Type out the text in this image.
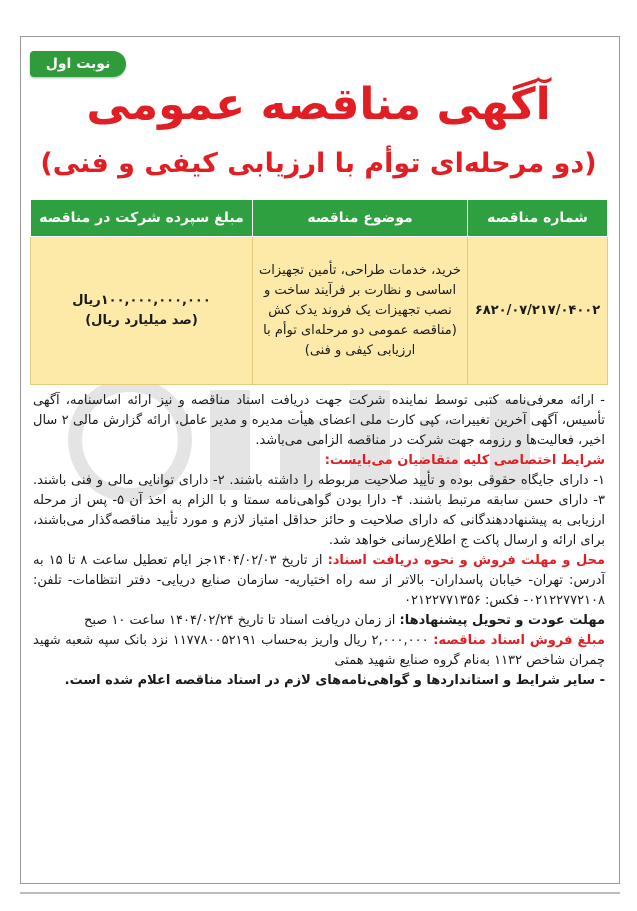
نوبت اول
آگهی مناقصه عمومی
(دو مرحله‌ای توأم با ارزیابی کیفی و فنی)
شماره مناقصه	موضوع مناقصه	مبلغ سپرده شرکت در مناقصه
۶۸۲۰/۰۷/۲۱۷/۰۴۰۰۲	خرید، خدمات طراحی، تأمین تجهیزات اساسی و نظارت بر فرآیند ساخت و نصب تجهیزات یک فروند یدک کش (مناقصه عمومی دو مرحله‌ای توأم با ارزیابی کیفی و فنی)	۱۰۰,۰۰۰,۰۰۰,۰۰۰ریال
(صد میلیارد ریال)

- ارائه معرفی‌نامه کتبی توسط نماینده شرکت جهت دریافت اسناد مناقصه و نیز ارائه اساسنامه، آگهی تأسیس، آگهی آخرین تغییرات، کپی کارت ملی اعضای هیأت مدیره و مدیر عامل، ارائه گزارش مالی ۲ سال اخیر، فعالیت‌ها و رزومه جهت شرکت در مناقصه الزامی می‌باشد.

شرایط اختصاصی کلیه متقاضیان می‌بایست:

۱- دارای جایگاه حقوقی بوده و تأیید صلاحیت مربوطه را داشته باشند. ۲- دارای توانایی مالی و فنی باشند. ۳- دارای حسن سابقه مرتبط باشند. ۴- دارا بودن گواهی‌نامه سمتا و با الزام به اخذ آن ۵- پس از مرحله ارزیابی به پیشنهاددهندگانی که دارای صلاحیت و حائز حداقل امتیاز لازم و مورد تأیید مناقصه‌گذار می‌باشند، برای ارائه و ارسال پاکت ج اطلاع‌رسانی خواهد شد.

محل و مهلت فروش و نحوه دریافت اسناد: از تاریخ ۱۴۰۴/۰۲/۰۳جز ایام تعطیل ساعت ۸ تا ۱۵ به آدرس: تهران- خیابان پاسداران- بالاتر از سه راه اختیاریه- سازمان صنایع دریایی- دفتر انتظامات- تلفن: ۰۲۱۲۲۷۷۲۱۰۸- فکس: ۰۲۱۲۲۷۷۱۳۵۶

مهلت عودت و تحویل پیشنهادها: از زمان دریافت اسناد تا تاریخ ۱۴۰۴/۰۲/۲۴ ساعت ۱۰ صبح

مبلغ فروش اسناد مناقصه: ۲,۰۰۰,۰۰۰ ریال واریز به‌حساب ۱۱۷۷۸۰۰۵۲۱۹۱ نزد بانک سپه شعبه شهید چمران شاخص ۱۱۳۲ به‌نام گروه صنایع شهید همتی

- سایر شرایط و استانداردها و گواهی‌نامه‌های لازم در اسناد مناقصه اعلام شده است.
